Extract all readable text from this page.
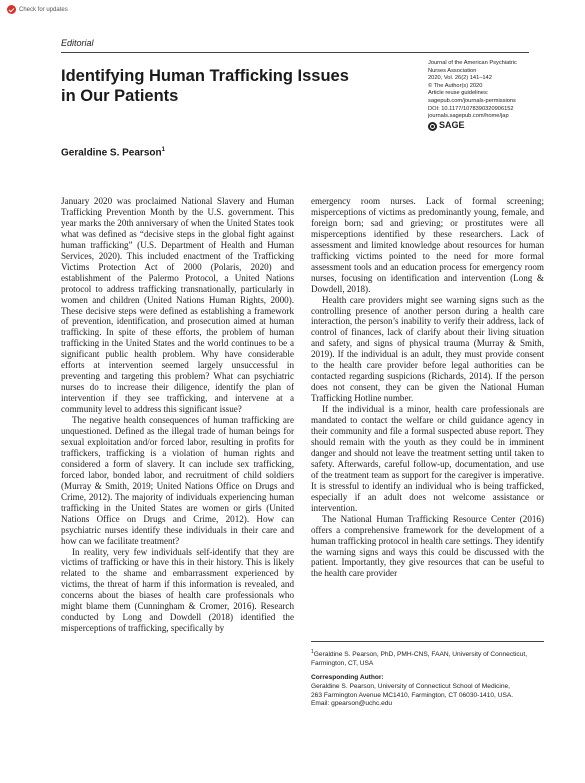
Check for updates
Editorial
Identifying Human Trafficking Issues in Our Patients
Geraldine S. Pearson$^1$
Journal of the American Psychiatric
Nurses Association
2020, Vol. 26(2) 141–142
© The Author(s) 2020
Article reuse guidelines:
sagepub.com/journals-permissions
DOI: 10.1177/1078390320906152
journals.sagepub.com/home/jap
SAGE

January 2020 was proclaimed National Slavery and Human Trafficking Prevention Month by the U.S. government. This year marks the 20th anniversary of when the United States took what was defined as “decisive steps in the global fight against human trafficking” (U.S. Department of Health and Human Services, 2020). This included enactment of the Trafficking Victims Protection Act of 2000 (Polaris, 2020) and establishment of the Palermo Protocol, a United Nations protocol to address trafficking transnationally, particularly in women and children (United Nations Human Rights, 2000). These decisive steps were defined as establishing a framework of prevention, identification, and prosecution aimed at human trafficking. In spite of these efforts, the problem of human trafficking in the United States and the world continues to be a significant public health problem. Why have considerable efforts at intervention seemed largely unsuccessful in preventing and targeting this problem? What can psychiatric nurses do to increase their diligence, identify the plan of intervention if they see trafficking, and intervene at a community level to address this significant issue?

The negative health consequences of human trafficking are unquestioned. Defined as the illegal trade of human beings for sexual exploitation and/or forced labor, resulting in profits for traffickers, trafficking is a violation of human rights and considered a form of slavery. It can include sex trafficking, forced labor, bonded labor, and recruitment of child soldiers (Murray & Smith, 2019; United Nations Office on Drugs and Crime, 2012). The majority of individuals experiencing human trafficking in the United States are women or girls (United Nations Office on Drugs and Crime, 2012). How can psychiatric nurses identify these individuals in their care and how can we facilitate treatment?

In reality, very few individuals self-identify that they are victims of trafficking or have this in their history. This is likely related to the shame and embarrassment experienced by victims, the threat of harm if this information is revealed, and concerns about the biases of health care professionals who might blame them (Cunningham & Cromer, 2016). Research conducted by Long and Dowdell (2018) identified the misperceptions of trafficking, specifically by

emergency room nurses. Lack of formal screening; misperceptions of victims as predominantly young, female, and foreign born; sad and grieving; or prostitutes were all misperceptions identified by these researchers. Lack of assessment and limited knowledge about resources for human trafficking victims pointed to the need for more formal assessment tools and an education process for emergency room nurses, focusing on identification and intervention (Long & Dowdell, 2018).

Health care providers might see warning signs such as the controlling presence of another person during a health care interaction, the person’s inability to verify their address, lack of control of finances, lack of clarify about their living situation and safety, and signs of physical trauma (Murray & Smith, 2019). If the individual is an adult, they must provide consent to the health care provider before legal authorities can be contacted regarding suspicions (Richards, 2014). If the person does not consent, they can be given the National Human Trafficking Hotline number.

If the individual is a minor, health care professionals are mandated to contact the welfare or child guidance agency in their community and file a formal suspected abuse report. They should remain with the youth as they could be in imminent danger and should not leave the treatment setting until taken to safety. Afterwards, careful follow-up, documentation, and use of the treatment team as support for the caregiver is imperative. It is stressful to identify an individual who is being trafficked, especially if an adult does not welcome assistance or intervention.

The National Human Trafficking Resource Center (2016) offers a comprehensive framework for the development of a human trafficking protocol in health care settings. They identify the warning signs and ways this could be discussed with the patient. Importantly, they give resources that can be useful to the health care provider

$^1$Geraldine S. Pearson, PhD, PMH-CNS, FAAN, University of Connecticut, Farmington, CT, USA
Corresponding Author:
Geraldine S. Pearson, University of Connecticut School of Medicine,
263 Farmington Avenue MC1410, Farmington, CT 06030-1410, USA.
Email: gpearson@uchc.edu
